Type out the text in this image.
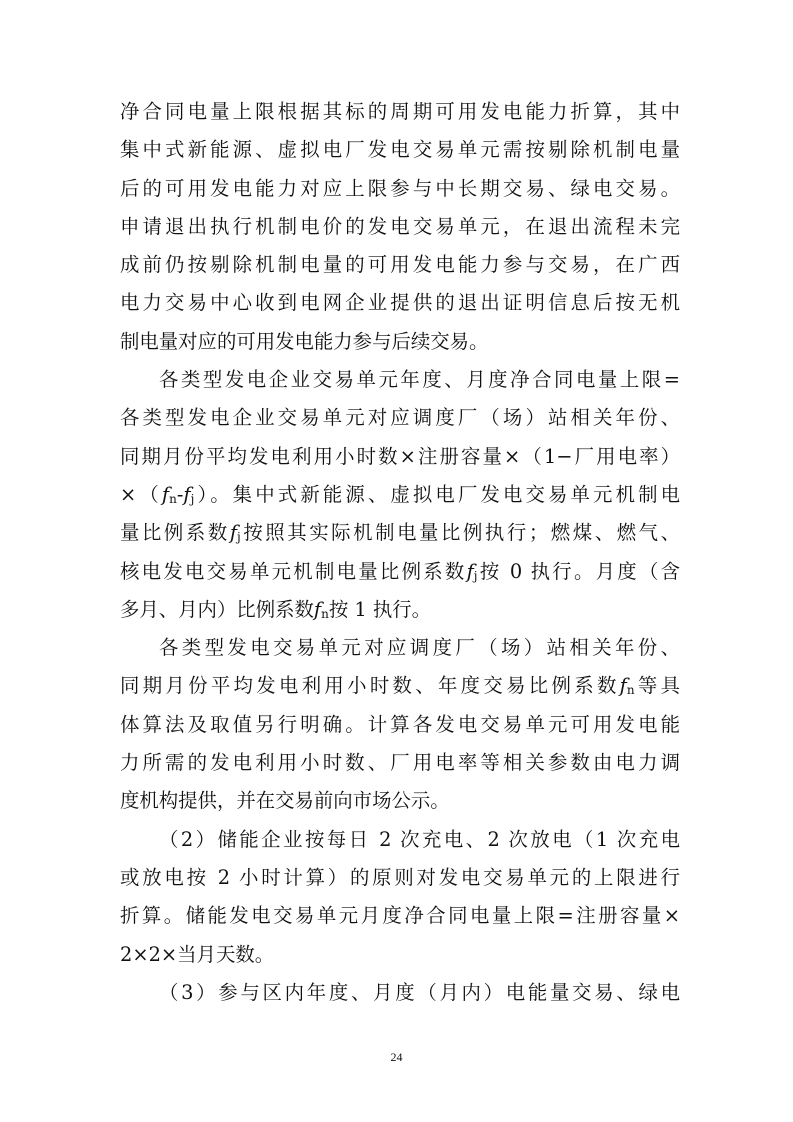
净合同电量上限根据其标的周期可用发电能力折算，其中
集中式新能源、虚拟电厂发电交易单元需按剔除机制电量
后的可用发电能力对应上限参与中长期交易、绿电交易。
申请退出执行机制电价的发电交易单元，在退出流程未完
成前仍按剔除机制电量的可用发电能力参与交易，在广西
电力交易中心收到电网企业提供的退出证明信息后按无机
制电量对应的可用发电能力参与后续交易。
各类型发电企业交易单元年度、月度净合同电量上限=
各类型发电企业交易单元对应调度厂（场）站相关年份、
同期月份平均发电利用小时数×注册容量×（1−厂用电率）
$\times(f_n-f_j)$。集中式新能源、虚拟电厂发电交易单元机制电
量比例系数$f_j$按照其实际机制电量比例执行；燃煤、燃气、
核电发电交易单元机制电量比例系数$f_j$按 0 执行。月度（含
多月、月内）比例系数$f_n$按 1 执行。
各类型发电交易单元对应调度厂（场）站相关年份、
同期月份平均发电利用小时数、年度交易比例系数$f_n$等具
体算法及取值另行明确。计算各发电交易单元可用发电能
力所需的发电利用小时数、厂用电率等相关参数由电力调
度机构提供，并在交易前向市场公示。
（2）储能企业按每日 2 次充电、2 次放电（1 次充电
或放电按 2 小时计算）的原则对发电交易单元的上限进行
折算。储能发电交易单元月度净合同电量上限=注册容量×
2×2×当月天数。
（3）参与区内年度、月度（月内）电能量交易、绿电
24
